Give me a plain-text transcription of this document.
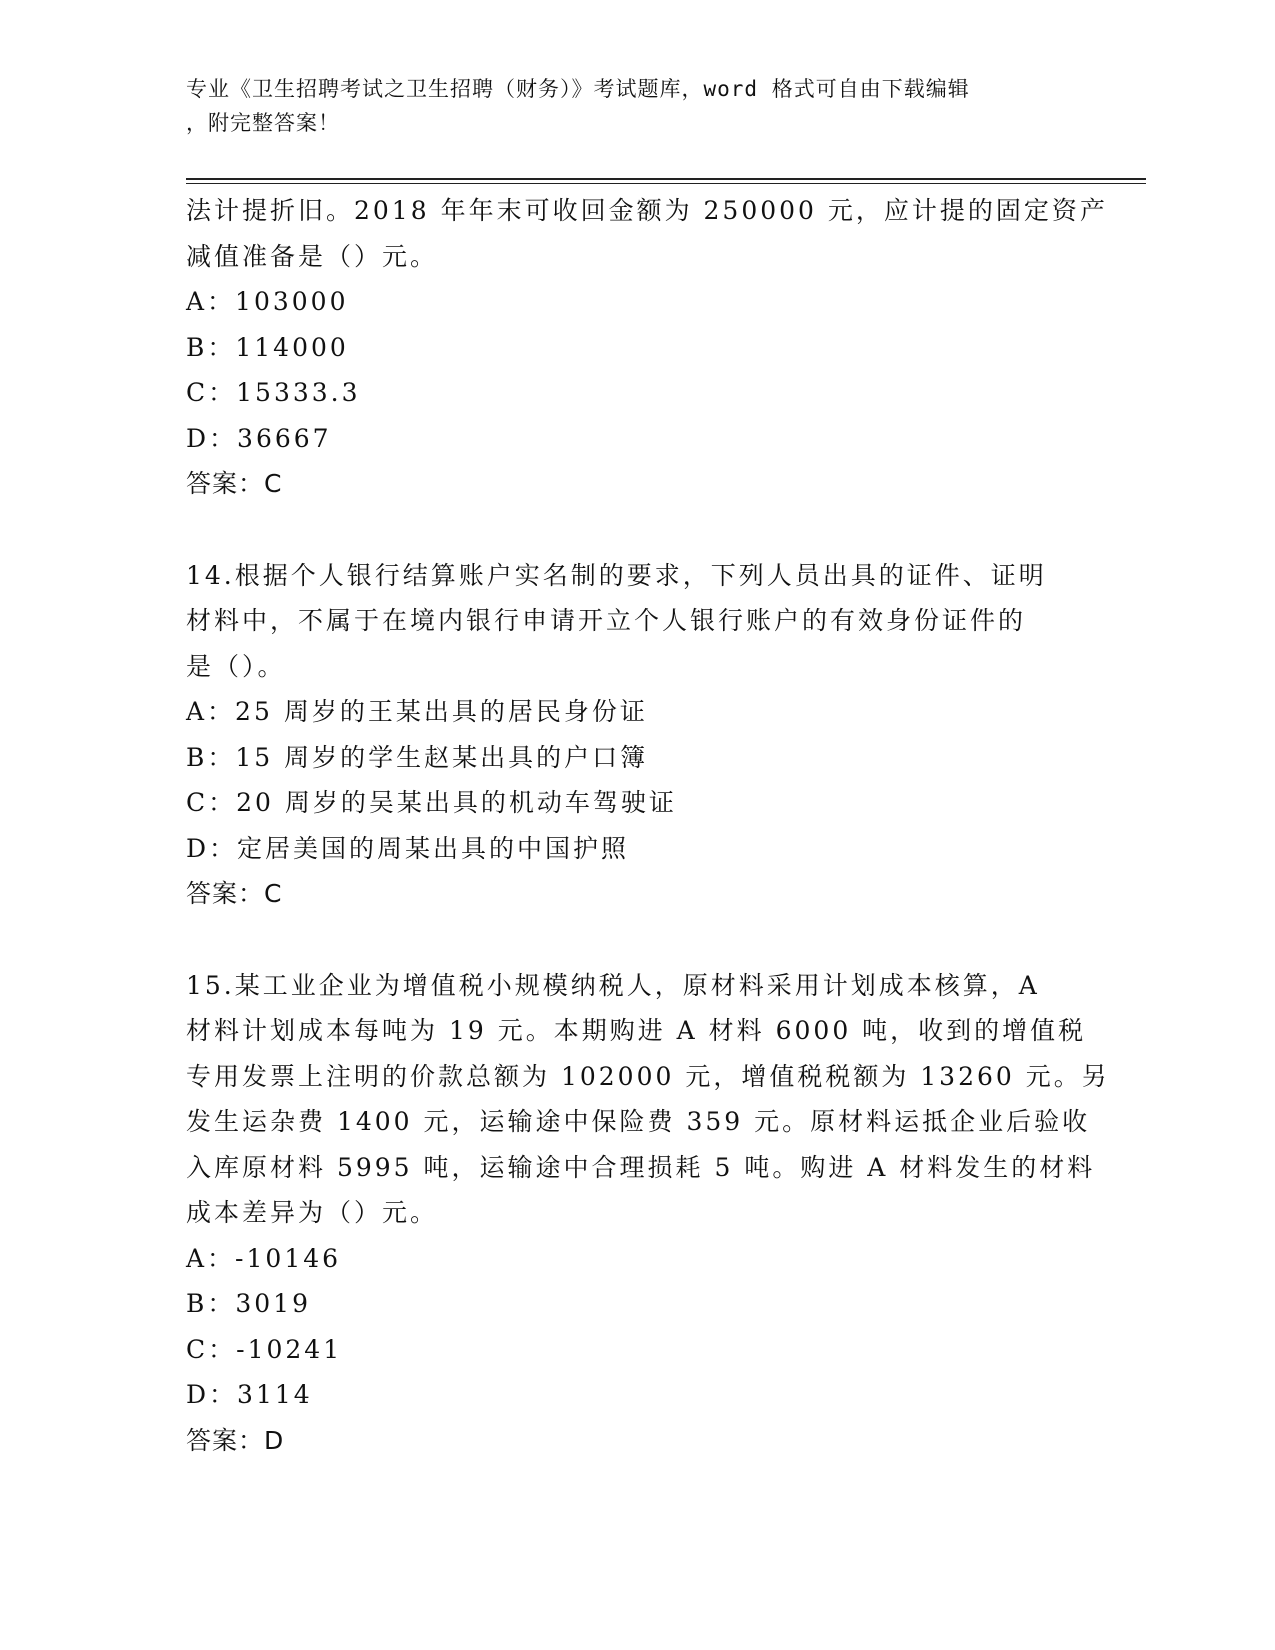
专业《卫生招聘考试之卫生招聘（财务）》考试题库，word 格式可自由下载编辑
，附完整答案！
法计提折旧。2018 年年末可收回金额为 250000 元，应计提的固定资产
减值准备是（）元。
A：103000
B：114000
C：15333.3
D：36667
答案：C
14.根据个人银行结算账户实名制的要求，下列人员出具的证件、证明
材料中，不属于在境内银行申请开立个人银行账户的有效身份证件的
是（）。
A：25 周岁的王某出具的居民身份证
B：15 周岁的学生赵某出具的户口簿
C：20 周岁的吴某出具的机动车驾驶证
D：定居美国的周某出具的中国护照
答案：C
15.某工业企业为增值税小规模纳税人，原材料采用计划成本核算，A
材料计划成本每吨为 19 元。本期购进 A 材料 6000 吨，收到的增值税
专用发票上注明的价款总额为 102000 元，增值税税额为 13260 元。另
发生运杂费 1400 元，运输途中保险费 359 元。原材料运抵企业后验收
入库原材料 5995 吨，运输途中合理损耗 5 吨。购进 A 材料发生的材料
成本差异为（）元。
A：-10146
B：3019
C：-10241
D：3114
答案：D
